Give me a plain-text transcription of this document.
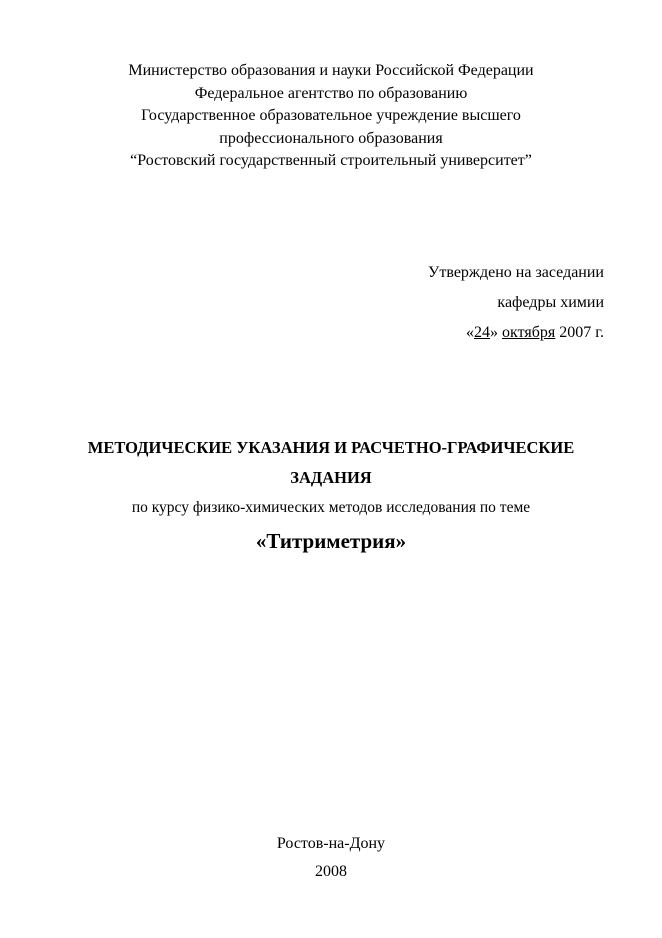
Министерство образования и науки Российской Федерации
Федеральное агентство по образованию
Государственное образовательное учреждение высшего
профессионального образования
“Ростовский государственный строительный университет”
Утверждено на заседании
кафедры химии
«24» октября 2007 г.
МЕТОДИЧЕСКИЕ УКАЗАНИЯ И РАСЧЕТНО-ГРАФИЧЕСКИЕ
ЗАДАНИЯ
по курсу физико-химических методов исследования по теме
«Титриметрия»
Ростов-на-Дону
2008
